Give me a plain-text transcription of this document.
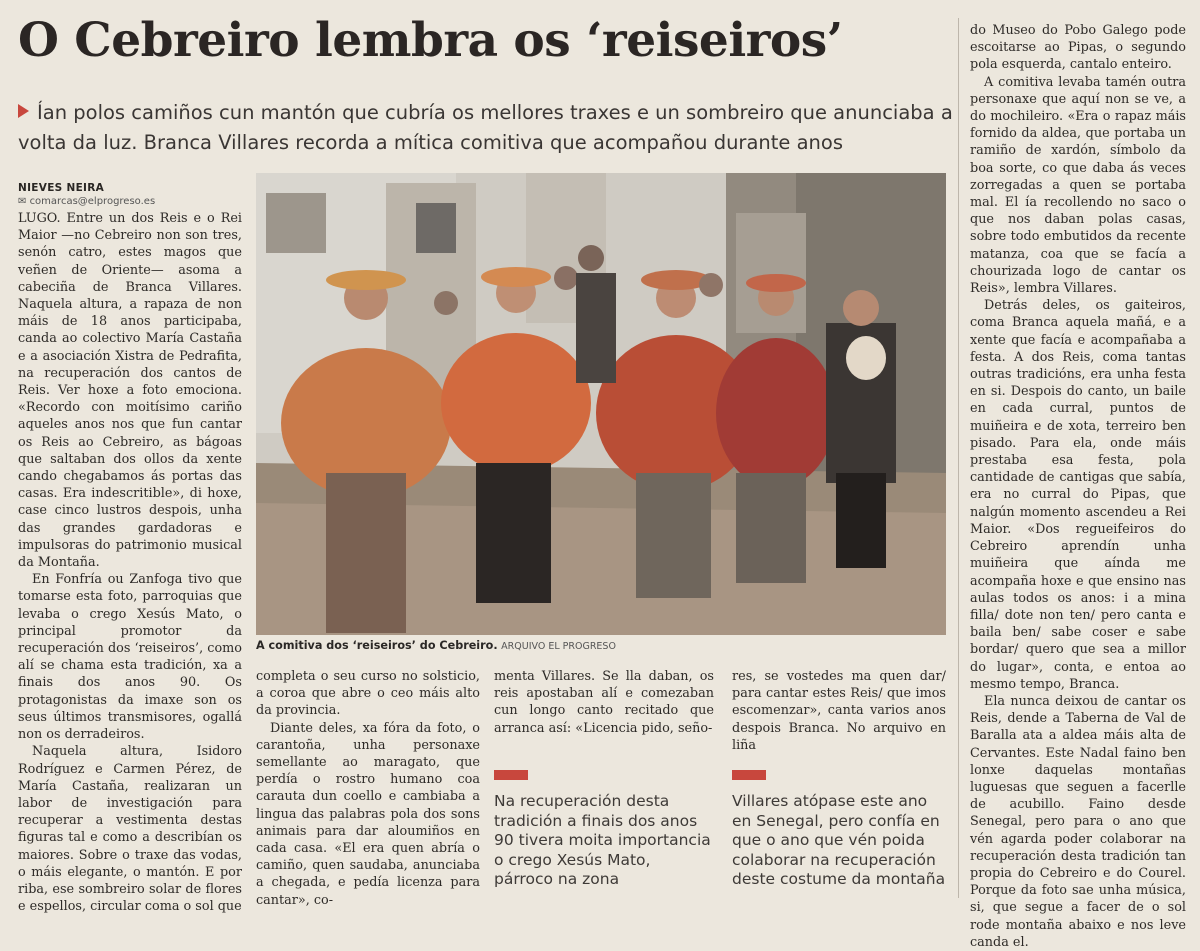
O Cebreiro lembra os ‘reiseiros’
Ían polos camiños cun mantón que cubría os mellores traxes e un sombreiro que anunciaba a volta da luz. Branca Villares recorda a mítica comitiva que acompañou durante anos
NIEVES NEIRA
✉ comarcas@elprogreso.es

LUGO. Entre un dos Reis e o Rei Maior —no Cebreiro non son tres, senón catro, estes magos que veñen de Oriente— asoma a cabeciña de Branca Villares. Naquela altura, a rapaza de non máis de 18 anos participaba, canda ao colectivo María Castaña e a asociación Xistra de Pedrafita, na recuperación dos cantos de Reis. Ver hoxe a foto emociona. «Recordo con moitísimo cariño aqueles anos nos que fun cantar os Reis ao Cebreiro, as bágoas que saltaban dos ollos da xente cando chegabamos ás portas das casas. Era indescritible», di hoxe, case cinco lustros despois, unha das grandes gardadoras e impulsoras do patrimonio musical da Montaña.

En Fonfría ou Zanfoga tivo que tomarse esta foto, parroquias que levaba o crego Xesús Mato, o principal promotor da recuperación dos ‘reiseiros’, como alí se chama esta tradición, xa a finais dos anos 90. Os protagonistas da imaxe son os seus últimos transmisores, ogallá non os derradeiros.

Naquela altura, Isidoro Rodríguez e Carmen Pérez, de María Castaña, realizaran un labor de investigación para recuperar a vestimenta destas figuras tal e como a describían os maiores. Sobre o traxe das vodas, o máis elegante, o mantón. E por riba, ese sombreiro solar de flores e espellos, circular coma o sol que

A comitiva dos ‘reiseiros’ do Cebreiro. ARQUIVO EL PROGRESO

completa o seu curso no solsticio, a coroa que abre o ceo máis alto da provincia.

Diante deles, xa fóra da foto, o carantoña, unha personaxe semellante ao maragato, que perdía o rostro humano coa carauta dun coello e cambiaba a lingua das palabras pola dos sons animais para dar aloumiños en cada casa. «El era quen abría o camiño, quen saudaba, anunciaba a chegada, e pedía licenza para cantar», co-

menta Villares. Se lla daban, os reis apostaban alí e comezaban cun longo canto recitado que arranca así: «Licencia pido, seño-

res, se vostedes ma quen dar/ para cantar estes Reis/ que imos escomenzar», canta varios anos despois Branca. No arquivo en liña

Na recuperación desta tradición a finais dos anos 90 tivera moita importancia o crego Xesús Mato, párroco na zona
Villares atópase este ano en Senegal, pero confía en que o ano que vén poida colaborar na recuperación deste costume da montaña

do Museo do Pobo Galego pode escoitarse ao Pipas, o segundo pola esquerda, cantalo enteiro.

A comitiva levaba tamén outra personaxe que aquí non se ve, a do mochileiro. «Era o rapaz máis fornido da aldea, que portaba un ramiño de xardón, símbolo da boa sorte, co que daba ás veces zorregadas a quen se portaba mal. El ía recollendo no saco o que nos daban polas casas, sobre todo embutidos da recente matanza, coa que se facía a chourizada logo de cantar os Reis», lembra Villares.

Detrás deles, os gaiteiros, coma Branca aquela mañá, e a xente que facía e acompañaba a festa. A dos Reis, coma tantas outras tradicións, era unha festa en si. Despois do canto, un baile en cada curral, puntos de muiñeira e de xota, terreiro ben pisado. Para ela, onde máis prestaba esa festa, pola cantidade de cantigas que sabía, era no curral do Pipas, que nalgún momento ascendeu a Rei Maior. «Dos regueifeiros do Cebreiro aprendín unha muiñeira que aínda me acompaña hoxe e que ensino nas aulas todos os anos: i a mina filla/ dote non ten/ pero canta e baila ben/ sabe coser e sabe bordar/ quero que sea a millor do lugar», conta, e entoa ao mesmo tempo, Branca.

Ela nunca deixou de cantar os Reis, dende a Taberna de Val de Baralla ata a aldea máis alta de Cervantes. Este Nadal faino ben lonxe daquelas montañas luguesas que seguen a facerlle de acubillo. Faino desde Senegal, pero para o ano que vén agarda poder colaborar na recuperación desta tradición tan propia do Cebreiro e do Courel. Porque da foto sae unha música, si, que segue a facer de o sol rode montaña abaixo e nos leve canda el.
